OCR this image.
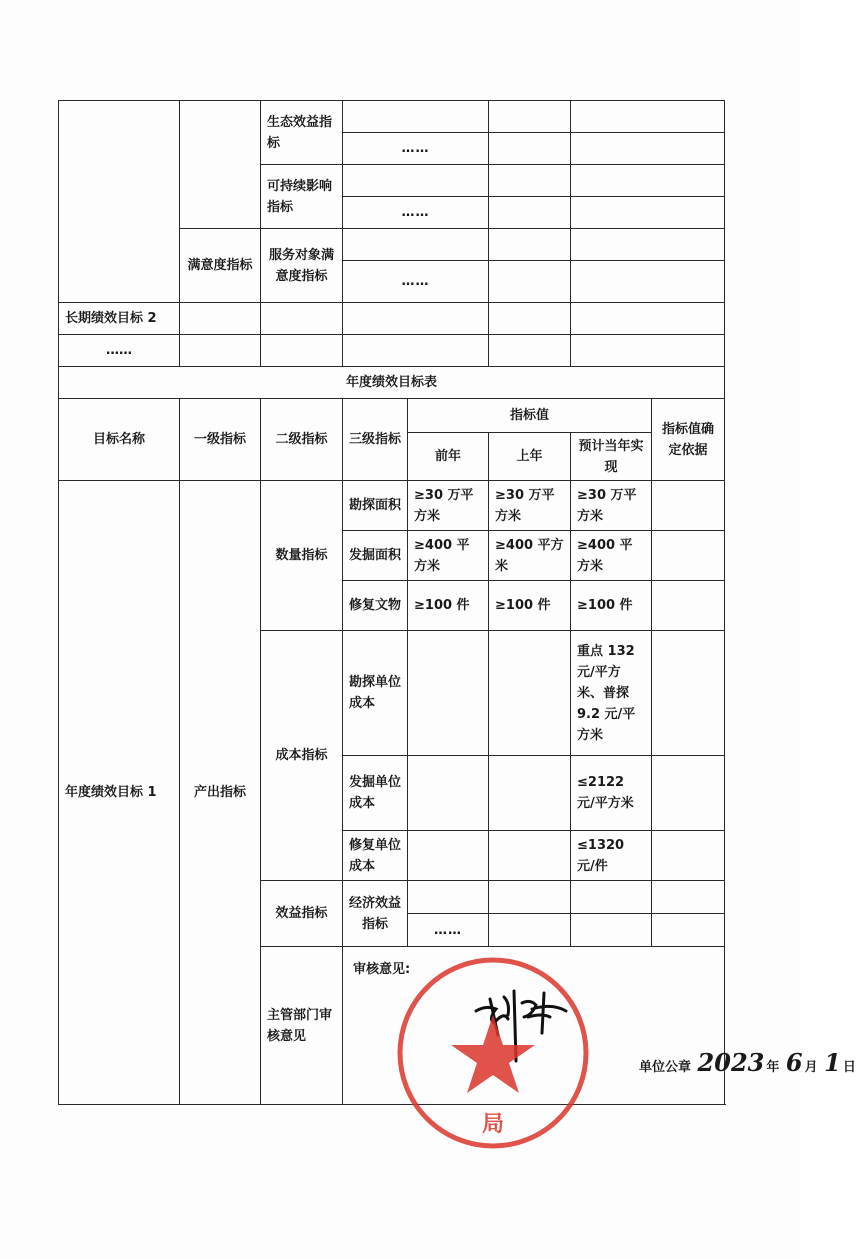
		生态效益指标						
			……					
		可持续影响指标						
			……					
	满意度指标	服务对象满意度指标						
			……					
长期绩效目标 2								
……								
年度绩效目标表								
目标名称	一级指标	二级指标	三级指标	指标值			指标值确定依据	
				前年	上年	预计当年实现		
年度绩效目标 1	产出指标	数量指标	勘探面积	≥30 万平方米	≥30 万平方米	≥30 万平方米		
			发掘面积	≥400 平方米	≥400 平方米	≥400 平方米		
			修复文物	≥100 件	≥100 件	≥100 件		
		成本指标	勘探单位成本			重点 132 元/平方米、普探 9.2 元/平方米		
			发掘单位成本			≤2122 元/平方米		
			修复单位成本			≤1320 元/件		
		效益指标	经济效益指标					
				……				
		主管部门审核意见	审核意见:
单位公章 2023 年 6 月 1 日					
局
